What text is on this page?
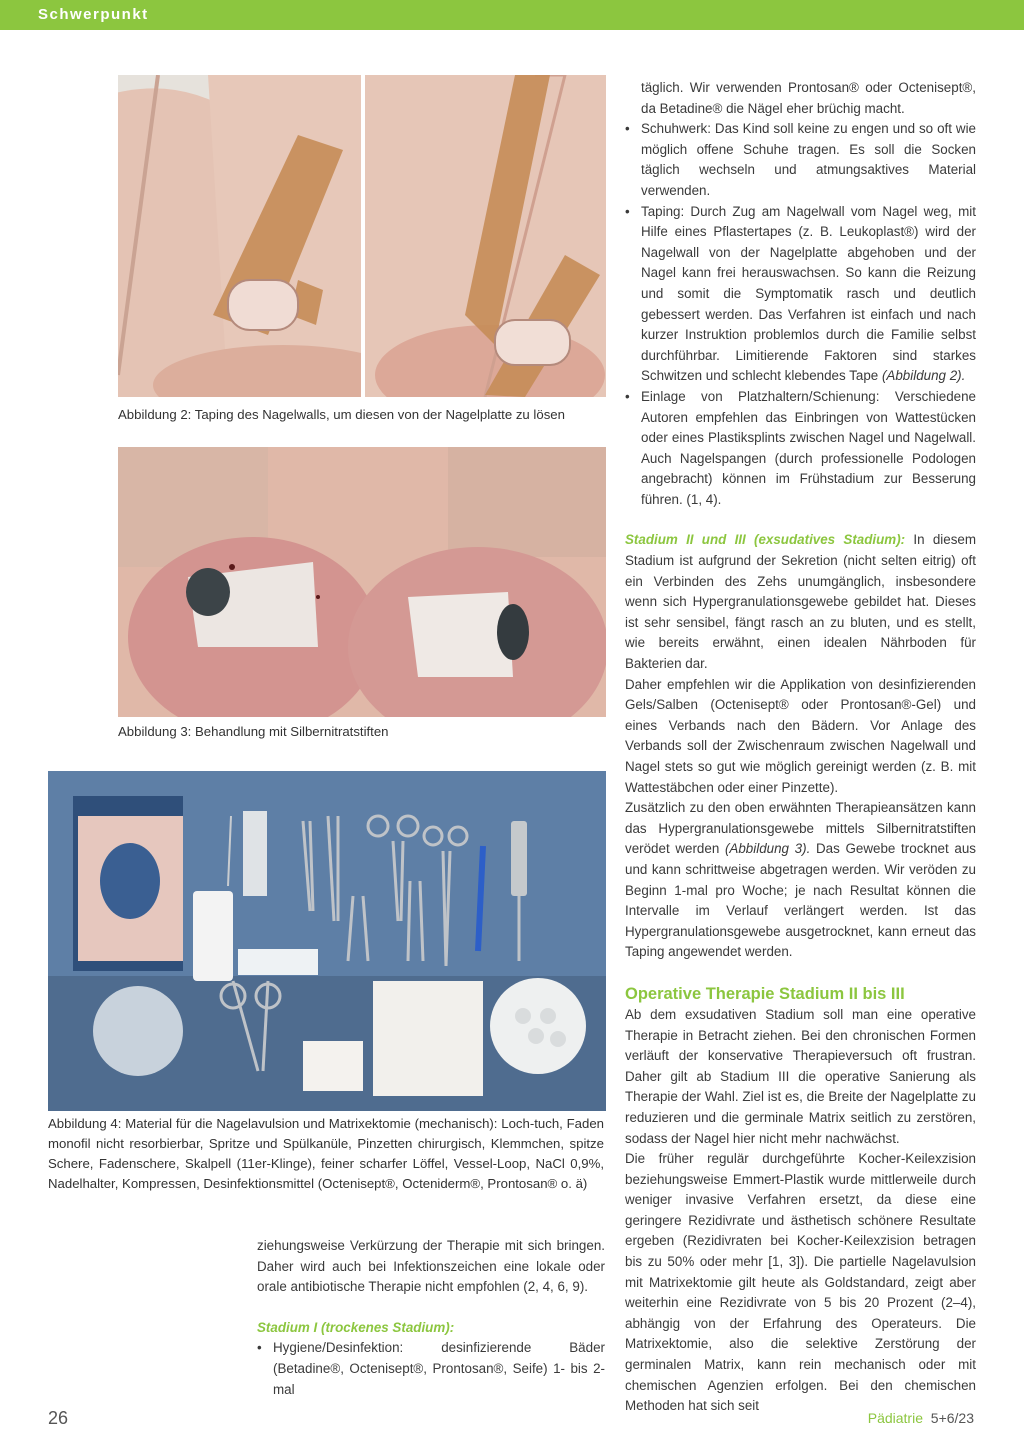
Schwerpunkt
Abbildung 2: Taping des Nagelwalls, um diesen von der Nagelplatte zu lösen
Abbildung 3: Behandlung mit Silbernitratstiften
Abbildung 4: Material für die Nagelavulsion und Matrixektomie (mechanisch): Loch-tuch, Faden monofil nicht resorbierbar, Spritze und Spülkanüle, Pinzetten chirurgisch, Klemmchen, spitze Schere, Fadenschere, Skalpell (11er-Klinge), feiner scharfer Löffel, Vessel-Loop, NaCl 0,9%, Nadelhalter, Kompressen, Desinfektionsmittel (Octenisept®, Octeniderm®, Prontosan® o. ä)

ziehungsweise Verkürzung der Therapie mit sich bringen. Daher wird auch bei Infektionszeichen eine lokale oder orale antibiotische Therapie nicht empfohlen (2, 4, 6, 9).

Stadium I (trockenes Stadium):

• Hygiene/Desinfektion: desinfizierende Bäder (Betadine®, Octenisept®, Prontosan®, Seife) 1- bis 2-mal

täglich. Wir verwenden Prontosan® oder Octenisept®, da Betadine® die Nägel eher brüchig macht.

• Schuhwerk: Das Kind soll keine zu engen und so oft wie möglich offene Schuhe tragen. Es soll die Socken täglich wechseln und atmungsaktives Material verwenden.

• Taping: Durch Zug am Nagelwall vom Nagel weg, mit Hilfe eines Pflastertapes (z. B. Leukoplast®) wird der Nagelwall von der Nagelplatte abgehoben und der Nagel kann frei herauswachsen. So kann die Reizung und somit die Symptomatik rasch und deutlich gebessert werden. Das Verfahren ist einfach und nach kurzer Instruktion problemlos durch die Familie selbst durchführbar. Limitierende Faktoren sind starkes Schwitzen und schlecht klebendes Tape (Abbildung 2).

• Einlage von Platzhaltern/Schienung: Verschiedene Autoren empfehlen das Einbringen von Wattestücken oder eines Plastiksplints zwischen Nagel und Nagelwall. Auch Nagelspangen (durch professionelle Podologen angebracht) können im Frühstadium zur Besserung führen. (1, 4).

Stadium II und III (exsudatives Stadium): In diesem Stadium ist aufgrund der Sekretion (nicht selten eitrig) oft ein Verbinden des Zehs unumgänglich, insbesondere wenn sich Hypergranulationsgewebe gebildet hat. Dieses ist sehr sensibel, fängt rasch an zu bluten, und es stellt, wie bereits erwähnt, einen idealen Nährboden für Bakterien dar.

Daher empfehlen wir die Applikation von desinfizierenden Gels/Salben (Octenisept® oder Prontosan®-Gel) und eines Verbands nach den Bädern. Vor Anlage des Verbands soll der Zwischenraum zwischen Nagelwall und Nagel stets so gut wie möglich gereinigt werden (z. B. mit Wattestäbchen oder einer Pinzette).

Zusätzlich zu den oben erwähnten Therapieansätzen kann das Hypergranulationsgewebe mittels Silbernitratstiften verödet werden (Abbildung 3). Das Gewebe trocknet aus und kann schrittweise abgetragen werden. Wir veröden zu Beginn 1-mal pro Woche; je nach Resultat können die Intervalle im Verlauf verlängert werden. Ist das Hypergranulationsgewebe ausgetrocknet, kann erneut das Taping angewendet werden.

Operative Therapie Stadium II bis III

Ab dem exsudativen Stadium soll man eine operative Therapie in Betracht ziehen. Bei den chronischen Formen verläuft der konservative Therapieversuch oft frustran. Daher gilt ab Stadium III die operative Sanierung als Therapie der Wahl. Ziel ist es, die Breite der Nagelplatte zu reduzieren und die germinale Matrix seitlich zu zerstören, sodass der Nagel hier nicht mehr nachwächst.

Die früher regulär durchgeführte Kocher-Keilexzision beziehungsweise Emmert-Plastik wurde mittlerweile durch weniger invasive Verfahren ersetzt, da diese eine geringere Rezidivrate und ästhetisch schönere Resultate ergeben (Rezidivraten bei Kocher-Keilexzision betragen bis zu 50% oder mehr [1, 3]). Die partielle Nagelavulsion mit Matrixektomie gilt heute als Goldstandard, zeigt aber weiterhin eine Rezidivrate von 5 bis 20 Prozent (2–4), abhängig von der Erfahrung des Operateurs. Die Matrixektomie, also die selektive Zerstörung der germinalen Matrix, kann rein mechanisch oder mit chemischen Agenzien erfolgen. Bei den chemischen Methoden hat sich seit

26	Pädiatrie 5+6/23
